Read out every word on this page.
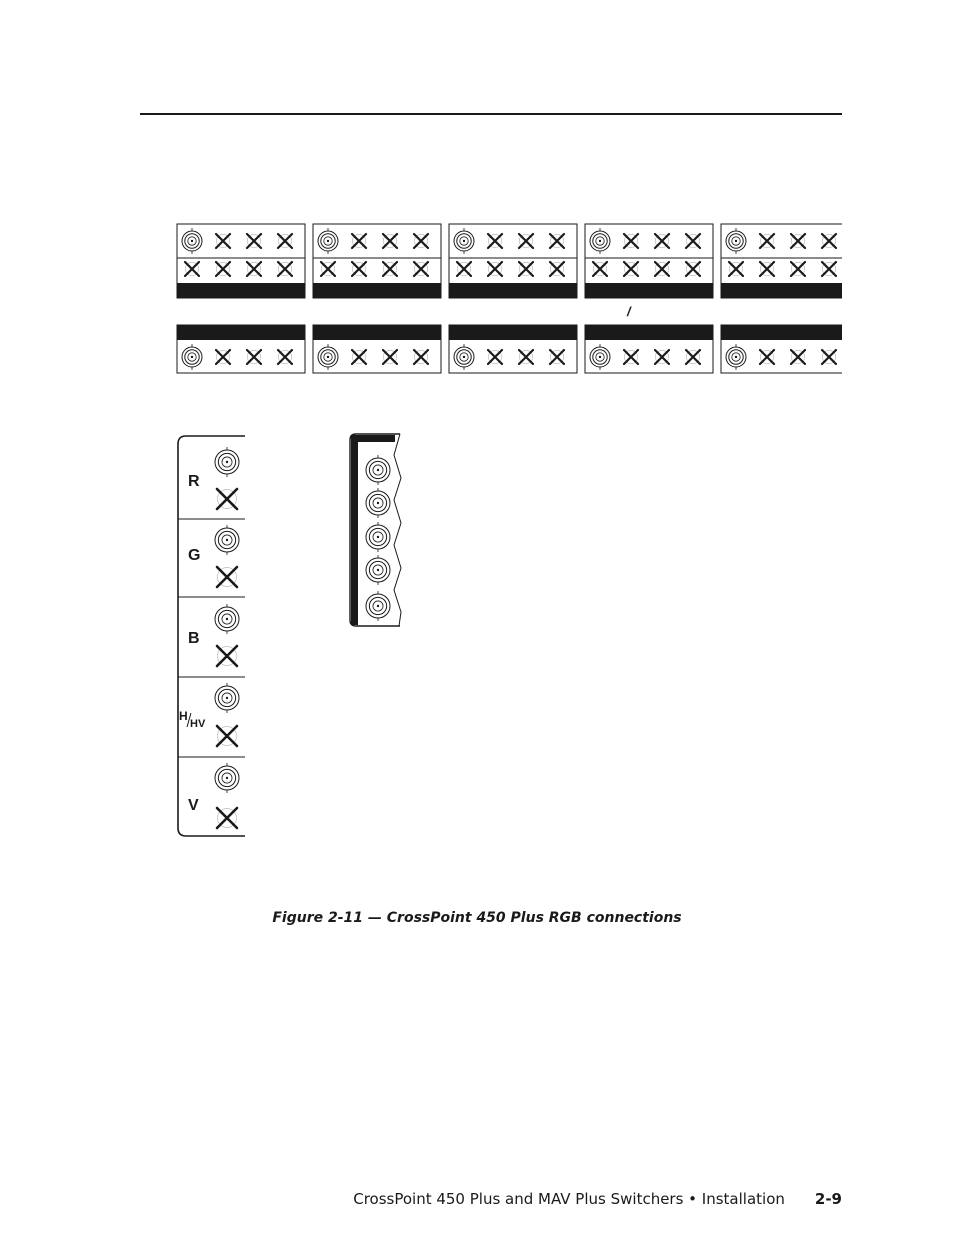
R
G
B
H
HV
V
/
Figure 2-11 — CrossPoint 450 Plus RGB connections
CrossPoint 450 Plus and MAV Plus Switchers • Installation 2-9
